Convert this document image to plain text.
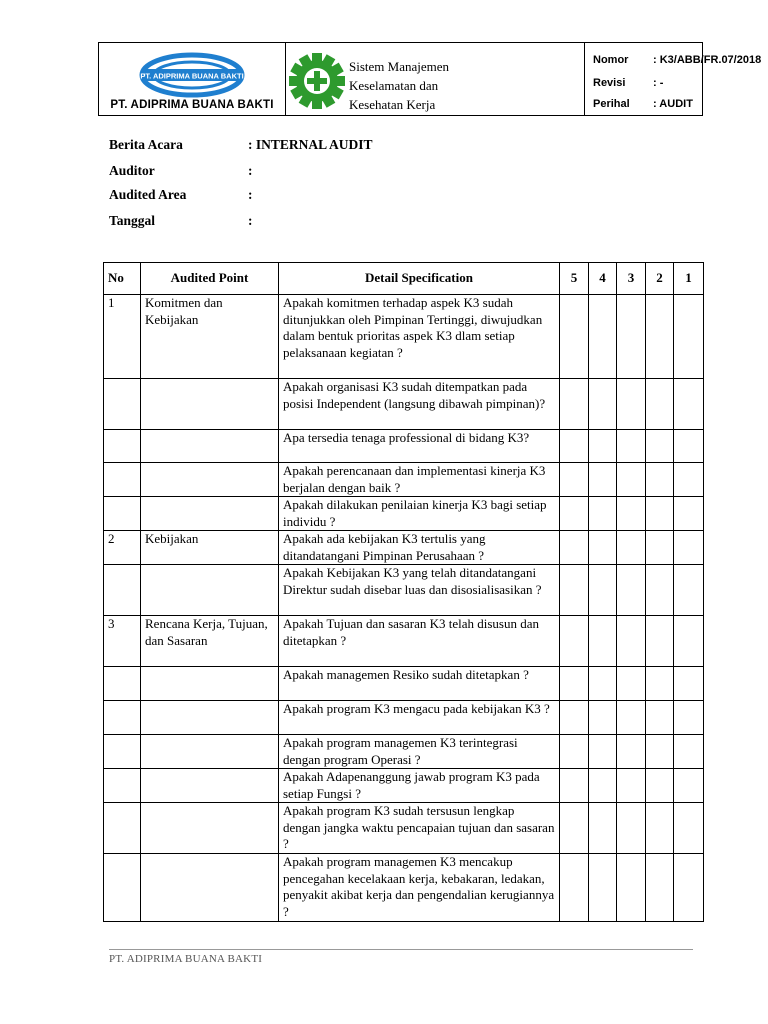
PT. ADIPRIMA BUANA BAKTI
PT. ADIPRIMA BUANA BAKTI
Sistem Manajemen
Keselamatan dan
Kesehatan Kerja
Nomor	: K3/ABB/FR.07/2018
Revisi	: -
Perihal	: AUDIT
Berita Acara	: INTERNAL AUDIT
Auditor	:
Audited Area	:
Tanggal	:
No	Audited Point	Detail Specification	5	4	3	2	1
1	Komitmen dan Kebijakan	Apakah komitmen terhadap aspek K3 sudah ditunjukkan oleh Pimpinan Tertinggi, diwujudkan dalam bentuk prioritas aspek K3 dlam setiap pelaksanaan kegiatan ?					
		Apakah organisasi K3 sudah ditempatkan pada posisi Independent (langsung dibawah pimpinan)?					
		Apa tersedia tenaga professional di bidang K3?					
		Apakah perencanaan dan implementasi kinerja K3 berjalan dengan baik ?					
		Apakah dilakukan penilaian kinerja K3 bagi setiap individu ?					
2	Kebijakan	Apakah ada kebijakan K3 tertulis yang ditandatangani Pimpinan Perusahaan ?					
		Apakah Kebijakan K3 yang telah ditandatangani Direktur sudah disebar luas dan disosialisasikan ?					
3	Rencana Kerja, Tujuan, dan Sasaran	Apakah Tujuan dan sasaran K3 telah disusun dan ditetapkan ?					
		Apakah managemen Resiko sudah ditetapkan ?					
		Apakah program K3 mengacu pada kebijakan K3 ?					
		Apakah program managemen K3 terintegrasi dengan program Operasi ?					
		Apakah Adapenanggung jawab program K3 pada setiap Fungsi ?					
		Apakah program K3 sudah tersusun lengkap dengan jangka waktu pencapaian tujuan dan sasaran ?					
		Apakah program managemen K3 mencakup pencegahan kecelakaan kerja, kebakaran, ledakan, penyakit akibat kerja dan pengendalian kerugiannya ?					
PT. ADIPRIMA BUANA BAKTI
